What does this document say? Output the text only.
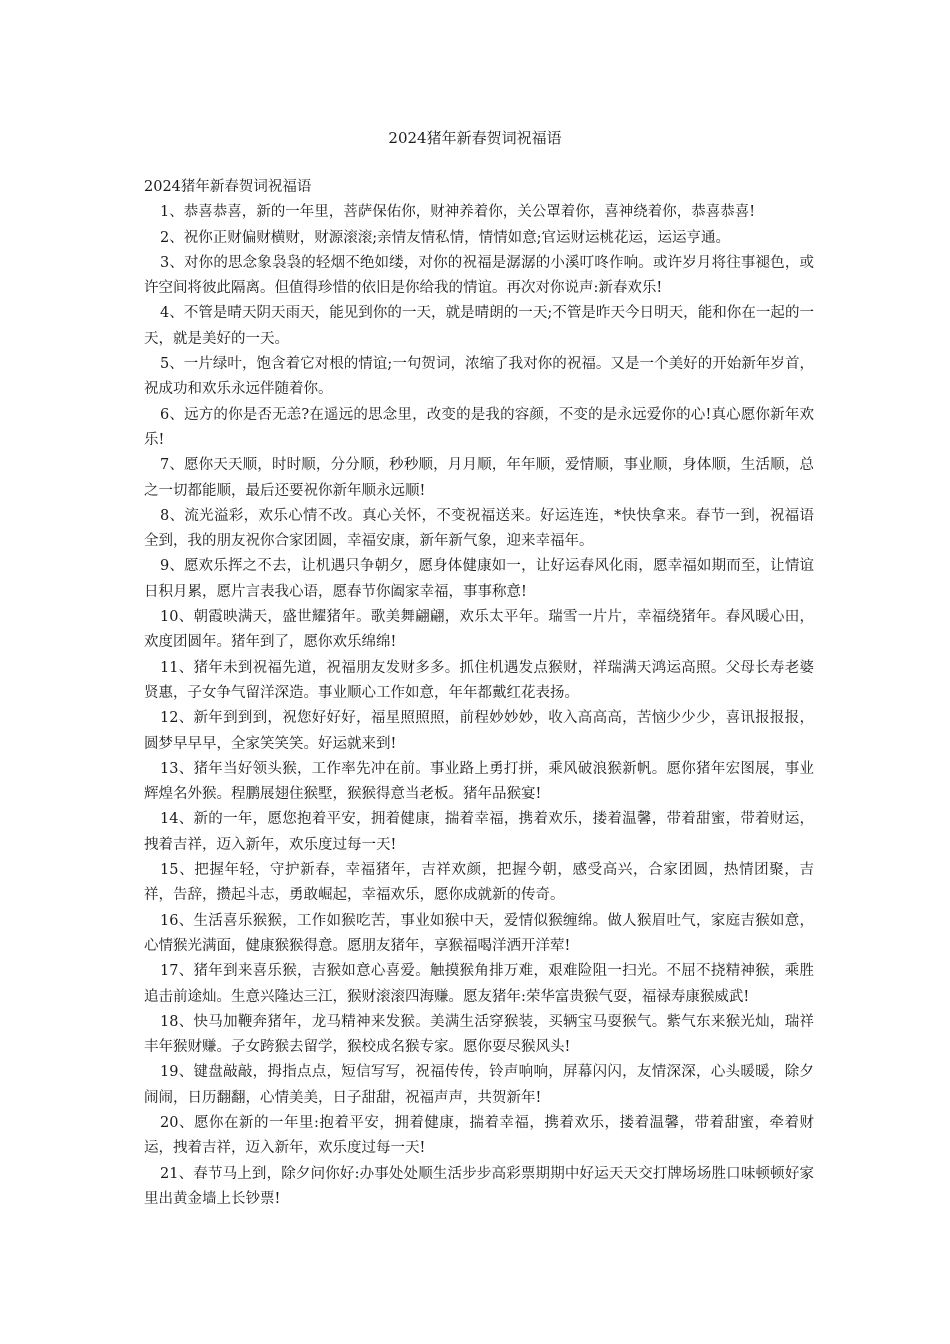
2024猪年新春贺词祝福语

2024猪年新春贺词祝福语

1、恭喜恭喜，新的一年里，菩萨保佑你，财神养着你，关公罩着你，喜神绕着你，恭喜恭喜!

2、祝你正财偏财横财，财源滚滚;亲情友情私情，情情如意;官运财运桃花运，运运亨通。

3、对你的思念象袅袅的轻烟不绝如缕，对你的祝福是潺潺的小溪叮咚作响。或许岁月将往事褪色，或许空间将彼此隔离。但值得珍惜的依旧是你给我的情谊。再次对你说声:新春欢乐!

4、不管是晴天阴天雨天，能见到你的一天，就是晴朗的一天;不管是昨天今日明天，能和你在一起的一天，就是美好的一天。

5、一片绿叶，饱含着它对根的情谊;一句贺词，浓缩了我对你的祝福。又是一个美好的开始新年岁首，祝成功和欢乐永远伴随着你。

6、远方的你是否无恙?在遥远的思念里，改变的是我的容颜，不变的是永远爱你的心!真心愿你新年欢乐!

7、愿你天天顺，时时顺，分分顺，秒秒顺，月月顺，年年顺，爱情顺，事业顺，身体顺，生活顺，总之一切都能顺，最后还要祝你新年顺永远顺!

8、流光溢彩，欢乐心情不改。真心关怀，不变祝福送来。好运连连，*快快拿来。春节一到，祝福语全到，我的朋友祝你合家团圆，幸福安康，新年新气象，迎来幸福年。

9、愿欢乐挥之不去，让机遇只争朝夕，愿身体健康如一，让好运春风化雨，愿幸福如期而至，让情谊日积月累，愿片言表我心语，愿春节你阖家幸福，事事称意!

10、朝霞映满天，盛世耀猪年。歌美舞翩翩，欢乐太平年。瑞雪一片片，幸福绕猪年。春风暖心田，欢度团圆年。猪年到了，愿你欢乐绵绵!

11、猪年未到祝福先道，祝福朋友发财多多。抓住机遇发点猴财，祥瑞满天鸿运高照。父母长寿老婆贤惠，子女争气留洋深造。事业顺心工作如意，年年都戴红花表扬。

12、新年到到到，祝您好好好，福星照照照，前程妙妙妙，收入高高高，苦恼少少少，喜讯报报报，圆梦早早早，全家笑笑笑。好运就来到!

13、猪年当好领头猴，工作率先冲在前。事业路上勇打拼，乘风破浪猴新帆。愿你猪年宏图展，事业辉煌名外猴。程鹏展翅住猴墅，猴猴得意当老板。猪年品猴宴!

14、新的一年，愿您抱着平安，拥着健康，揣着幸福，携着欢乐，搂着温馨，带着甜蜜，带着财运，拽着吉祥，迈入新年，欢乐度过每一天!

15、把握年轻，守护新春，幸福猪年，吉祥欢颜，把握今朝，感受高兴，合家团圆，热情团聚，吉祥，告辞，攒起斗志，勇敢崛起，幸福欢乐，愿你成就新的传奇。

16、生活喜乐猴猴，工作如猴吃苦，事业如猴中天，爱情似猴缠绵。做人猴眉吐气，家庭吉猴如意，心情猴光满面，健康猴猴得意。愿朋友猪年，享猴福喝洋洒开洋荤!

17、猪年到来喜乐猴，吉猴如意心喜爱。触摸猴角排万难，艰难险阻一扫光。不屈不挠精神猴，乘胜追击前途灿。生意兴隆达三江，猴财滚滚四海赚。愿友猪年:荣华富贵猴气耍，福禄寿康猴威武!

18、快马加鞭奔猪年，龙马精神来发猴。美满生活穿猴装，买辆宝马耍猴气。紫气东来猴光灿，瑞祥丰年猴财赚。子女跨猴去留学，猴校成名猴专家。愿你耍尽猴风头!

19、键盘敲敲，拇指点点，短信写写，祝福传传，铃声响响，屏幕闪闪，友情深深，心头暖暖，除夕闹闹，日历翻翻，心情美美，日子甜甜，祝福声声，共贺新年!

20、愿你在新的一年里:抱着平安，拥着健康，揣着幸福，携着欢乐，搂着温馨，带着甜蜜，牵着财运，拽着吉祥，迈入新年，欢乐度过每一天!

21、春节马上到，除夕问你好:办事处处顺生活步步高彩票期期中好运天天交打牌场场胜口味顿顿好家里出黄金墙上长钞票!
